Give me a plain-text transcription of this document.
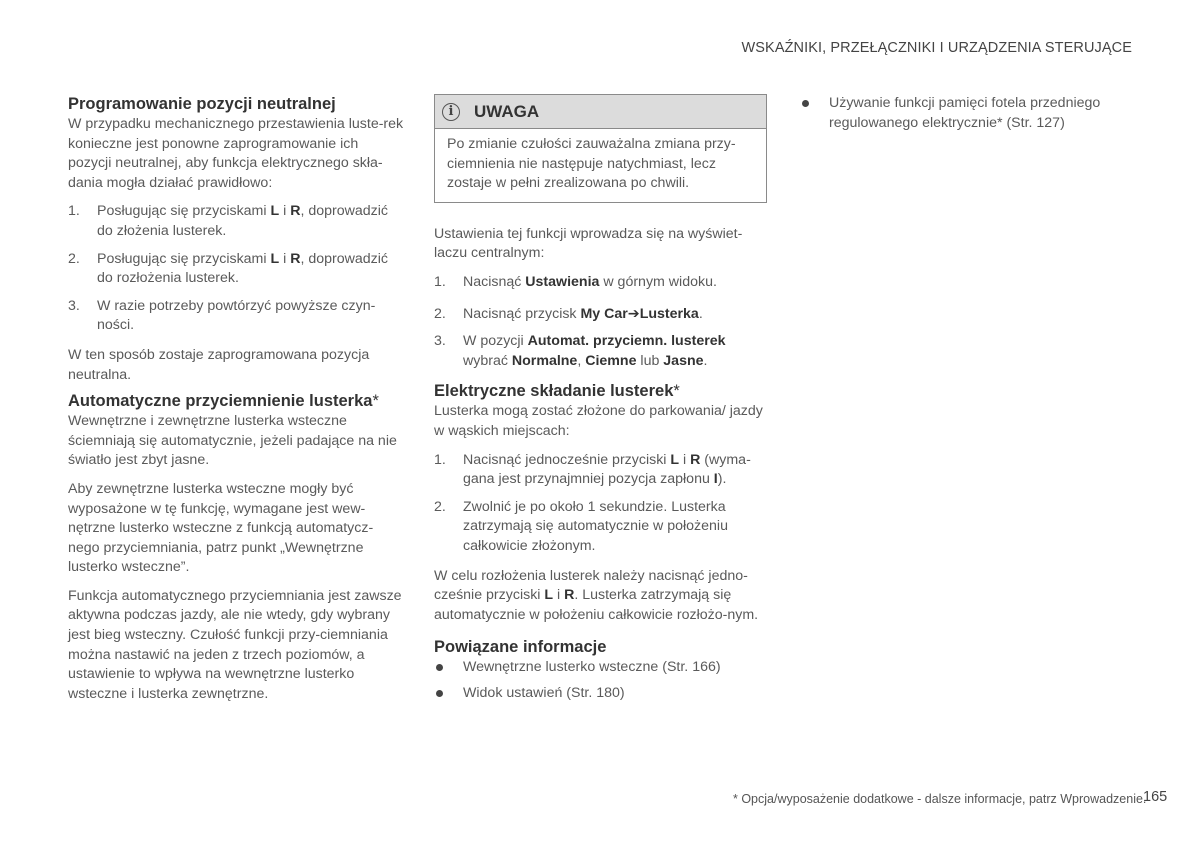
WSKAŹNIKI, PRZEŁĄCZNIKI I URZĄDZENIA STERUJĄCE
Programowanie pozycji neutralnej

W przypadku mechanicznego przestawienia luste-rek konieczne jest ponowne zaprogramowanie ich pozycji neutralnej, aby funkcja elektrycznego skła-dania mogła działać prawidłowo:

1. Posługując się przyciskami L i R, doprowadzić do złożenia lusterek.
2. Posługując się przyciskami L i R, doprowadzić do rozłożenia lusterek.
3. W razie potrzeby powtórzyć powyższe czyn-ności.

W ten sposób zostaje zaprogramowana pozycja neutralna.

Automatyczne przyciemnienie lusterka*

Wewnętrzne i zewnętrzne lusterka wsteczne ściemniają się automatycznie, jeżeli padające na nie światło jest zbyt jasne.

Aby zewnętrzne lusterka wsteczne mogły być wyposażone w tę funkcję, wymagane jest wew-nętrzne lusterko wsteczne z funkcją automatycz-nego przyciemniania, patrz punkt „Wewnętrzne lusterko wsteczne”.

Funkcja automatycznego przyciemniania jest zawsze aktywna podczas jazdy, ale nie wtedy, gdy wybrany jest bieg wsteczny. Czułość funkcji przy-ciemniania można nastawić na jeden z trzech poziomów, a ustawienie to wpływa na wewnętrzne lusterko wsteczne i lusterka zewnętrzne.

i	UWAGA
Po zmianie czułości zauważalna zmiana przy-ciemnienia nie następuje natychmiast, lecz zostaje w pełni zrealizowana po chwili.

Ustawienia tej funkcji wprowadza się na wyświet-laczu centralnym:

1. Nacisnąć Ustawienia w górnym widoku.
2. Nacisnąć przycisk My Car➔Lusterka.
3. W pozycji Automat. przyciemn. lusterek wybrać Normalne, Ciemne lub Jasne.
Elektryczne składanie lusterek*

Lusterka mogą zostać złożone do parkowania/ jazdy w wąskich miejscach:

1. Nacisnąć jednocześnie przyciski L i R (wyma-gana jest przynajmniej pozycja zapłonu I).
2. Zwolnić je po około 1 sekundzie. Lusterka zatrzymają się automatycznie w położeniu całkowicie złożonym.

W celu rozłożenia lusterek należy nacisnąć jedno-cześnie przyciski L i R. Lusterka zatrzymają się automatycznie w położeniu całkowicie rozłożo-nym.

Powiązane informacje
Wewnętrzne lusterko wsteczne (Str. 166)
Widok ustawień (Str. 180)
Używanie funkcji pamięci fotela przedniego regulowanego elektrycznie* (Str. 127)
* Opcja/wyposażenie dodatkowe - dalsze informacje, patrz Wprowadzenie.
165
